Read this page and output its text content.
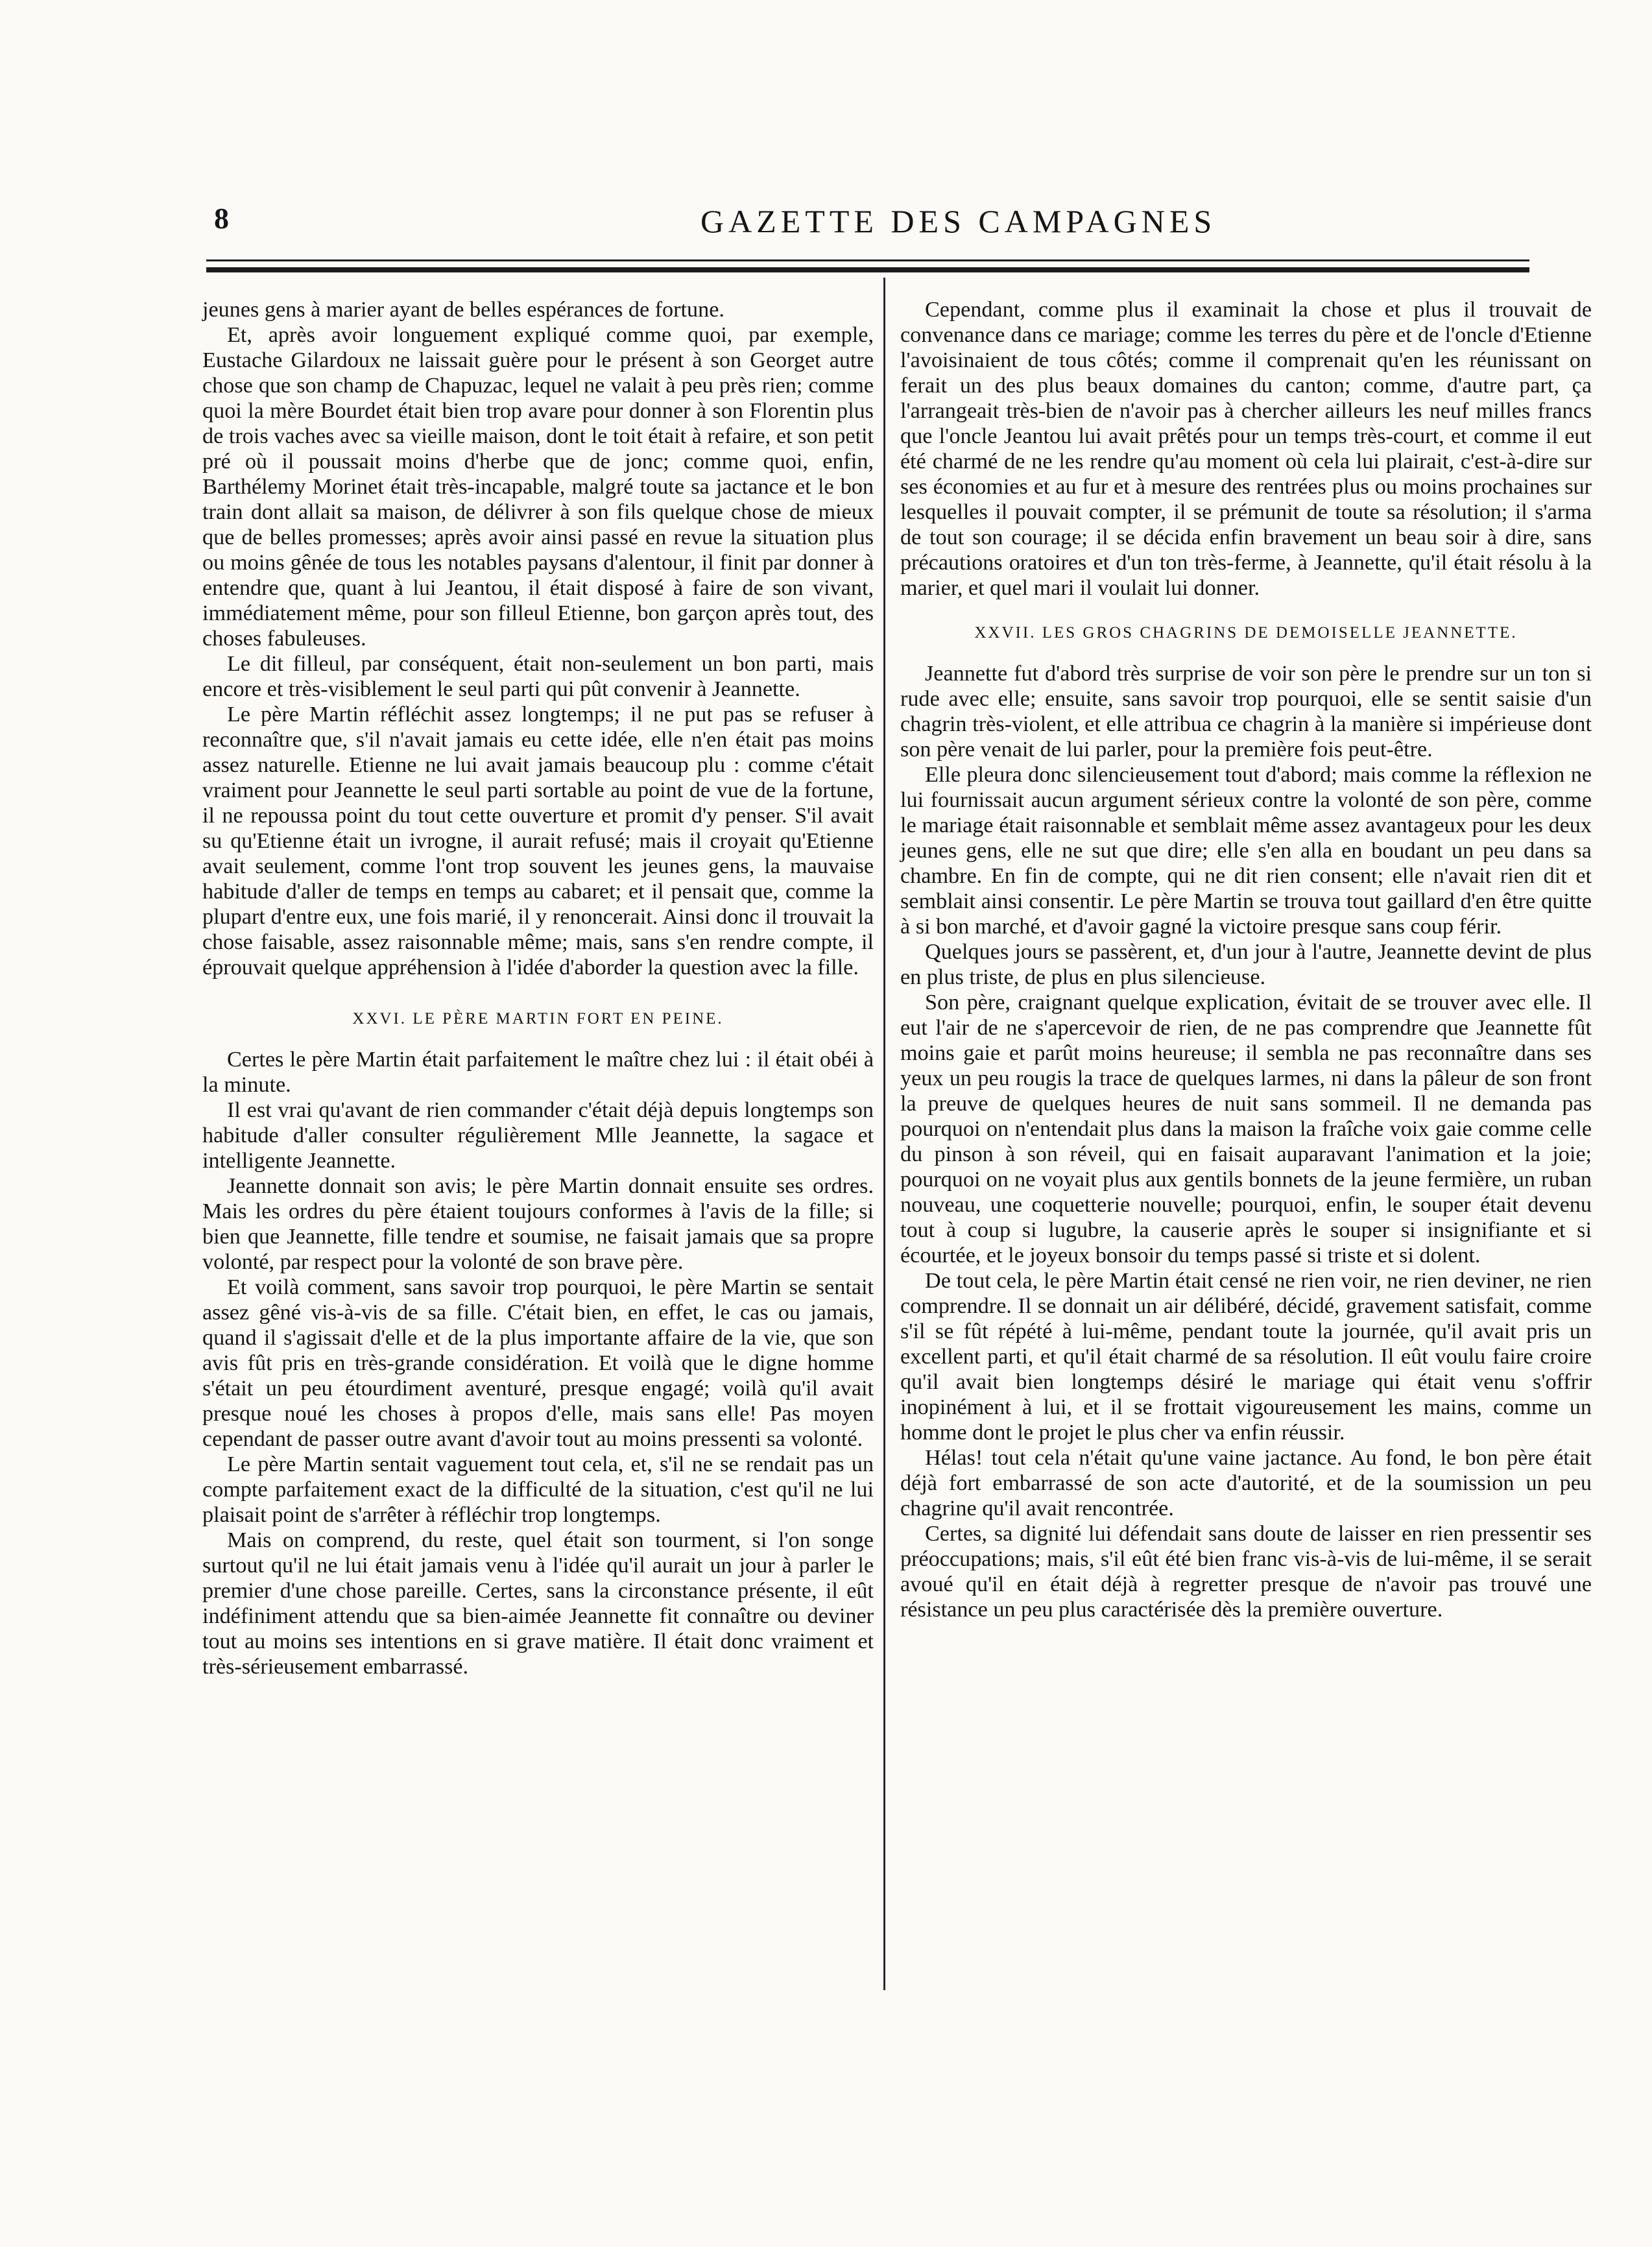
8	GAZETTE DES CAMPAGNES

jeunes gens à marier ayant de belles espérances de fortune.

Et, après avoir longuement expliqué comme quoi, par exemple, Eustache Gilardoux ne laissait guère pour le présent à son Georget autre chose que son champ de Chapuzac, lequel ne valait à peu près rien; comme quoi la mère Bourdet était bien trop avare pour donner à son Florentin plus de trois vaches avec sa vieille maison, dont le toit était à refaire, et son petit pré où il poussait moins d'herbe que de jonc; comme quoi, enfin, Barthélemy Morinet était très-incapable, malgré toute sa jactance et le bon train dont allait sa maison, de délivrer à son fils quelque chose de mieux que de belles promesses; après avoir ainsi passé en revue la situation plus ou moins gênée de tous les notables paysans d'alentour, il finit par donner à entendre que, quant à lui Jeantou, il était disposé à faire de son vivant, immédiatement même, pour son filleul Etienne, bon garçon après tout, des choses fabuleuses.

Le dit filleul, par conséquent, était non-seulement un bon parti, mais encore et très-visiblement le seul parti qui pût convenir à Jeannette.

Le père Martin réfléchit assez longtemps; il ne put pas se refuser à reconnaître que, s'il n'avait jamais eu cette idée, elle n'en était pas moins assez naturelle. Etienne ne lui avait jamais beaucoup plu : comme c'était vraiment pour Jeannette le seul parti sortable au point de vue de la fortune, il ne repoussa point du tout cette ouverture et promit d'y penser. S'il avait su qu'Etienne était un ivrogne, il aurait refusé; mais il croyait qu'Etienne avait seulement, comme l'ont trop souvent les jeunes gens, la mauvaise habitude d'aller de temps en temps au cabaret; et il pensait que, comme la plupart d'entre eux, une fois marié, il y renoncerait. Ainsi donc il trouvait la chose faisable, assez raisonnable même; mais, sans s'en rendre compte, il éprouvait quelque appréhension à l'idée d'aborder la question avec la fille.

XXVI. LE PÈRE MARTIN FORT EN PEINE.

Certes le père Martin était parfaitement le maître chez lui : il était obéi à la minute.

Il est vrai qu'avant de rien commander c'était déjà depuis longtemps son habitude d'aller consulter régulièrement Mlle Jeannette, la sagace et intelligente Jeannette.

Jeannette donnait son avis; le père Martin donnait ensuite ses ordres. Mais les ordres du père étaient toujours conformes à l'avis de la fille; si bien que Jeannette, fille tendre et soumise, ne faisait jamais que sa propre volonté, par respect pour la volonté de son brave père.

Et voilà comment, sans savoir trop pourquoi, le père Martin se sentait assez gêné vis-à-vis de sa fille. C'était bien, en effet, le cas ou jamais, quand il s'agissait d'elle et de la plus importante affaire de la vie, que son avis fût pris en très-grande considération. Et voilà que le digne homme s'était un peu étourdiment aventuré, presque engagé; voilà qu'il avait presque noué les choses à propos d'elle, mais sans elle! Pas moyen cependant de passer outre avant d'avoir tout au moins pressenti sa volonté.

Le père Martin sentait vaguement tout cela, et, s'il ne se rendait pas un compte parfaitement exact de la difficulté de la situation, c'est qu'il ne lui plaisait point de s'arrêter à réfléchir trop longtemps.

Mais on comprend, du reste, quel était son tourment, si l'on songe surtout qu'il ne lui était jamais venu à l'idée qu'il aurait un jour à parler le premier d'une chose pareille. Certes, sans la circonstance présente, il eût indéfiniment attendu que sa bien-aimée Jeannette fit connaître ou deviner tout au moins ses intentions en si grave matière. Il était donc vraiment et très-sérieusement embarrassé.

Cependant, comme plus il examinait la chose et plus il trouvait de convenance dans ce mariage; comme les terres du père et de l'oncle d'Etienne l'avoisinaient de tous côtés; comme il comprenait qu'en les réunissant on ferait un des plus beaux domaines du canton; comme, d'autre part, ça l'arrangeait très-bien de n'avoir pas à chercher ailleurs les neuf milles francs que l'oncle Jeantou lui avait prêtés pour un temps très-court, et comme il eut été charmé de ne les rendre qu'au moment où cela lui plairait, c'est-à-dire sur ses économies et au fur et à mesure des rentrées plus ou moins prochaines sur lesquelles il pouvait compter, il se prémunit de toute sa résolution; il s'arma de tout son courage; il se décida enfin bravement un beau soir à dire, sans précautions oratoires et d'un ton très-ferme, à Jeannette, qu'il était résolu à la marier, et quel mari il voulait lui donner.

XXVII. LES GROS CHAGRINS DE DEMOISELLE JEANNETTE.

Jeannette fut d'abord très surprise de voir son père le prendre sur un ton si rude avec elle; ensuite, sans savoir trop pourquoi, elle se sentit saisie d'un chagrin très-violent, et elle attribua ce chagrin à la manière si impérieuse dont son père venait de lui parler, pour la première fois peut-être.

Elle pleura donc silencieusement tout d'abord; mais comme la réflexion ne lui fournissait aucun argument sérieux contre la volonté de son père, comme le mariage était raisonnable et semblait même assez avantageux pour les deux jeunes gens, elle ne sut que dire; elle s'en alla en boudant un peu dans sa chambre. En fin de compte, qui ne dit rien consent; elle n'avait rien dit et semblait ainsi consentir. Le père Martin se trouva tout gaillard d'en être quitte à si bon marché, et d'avoir gagné la victoire presque sans coup férir.

Quelques jours se passèrent, et, d'un jour à l'autre, Jeannette devint de plus en plus triste, de plus en plus silencieuse.

Son père, craignant quelque explication, évitait de se trouver avec elle. Il eut l'air de ne s'apercevoir de rien, de ne pas comprendre que Jeannette fût moins gaie et parût moins heureuse; il sembla ne pas reconnaître dans ses yeux un peu rougis la trace de quelques larmes, ni dans la pâleur de son front la preuve de quelques heures de nuit sans sommeil. Il ne demanda pas pourquoi on n'entendait plus dans la maison la fraîche voix gaie comme celle du pinson à son réveil, qui en faisait auparavant l'animation et la joie; pourquoi on ne voyait plus aux gentils bonnets de la jeune fermière, un ruban nouveau, une coquetterie nouvelle; pourquoi, enfin, le souper était devenu tout à coup si lugubre, la causerie après le souper si insignifiante et si écourtée, et le joyeux bonsoir du temps passé si triste et si dolent.

De tout cela, le père Martin était censé ne rien voir, ne rien deviner, ne rien comprendre. Il se donnait un air délibéré, décidé, gravement satisfait, comme s'il se fût répété à lui-même, pendant toute la journée, qu'il avait pris un excellent parti, et qu'il était charmé de sa résolution. Il eût voulu faire croire qu'il avait bien longtemps désiré le mariage qui était venu s'offrir inopinément à lui, et il se frottait vigoureusement les mains, comme un homme dont le projet le plus cher va enfin réussir.

Hélas! tout cela n'était qu'une vaine jactance. Au fond, le bon père était déjà fort embarrassé de son acte d'autorité, et de la soumission un peu chagrine qu'il avait rencontrée.

Certes, sa dignité lui défendait sans doute de laisser en rien pressentir ses préoccupations; mais, s'il eût été bien franc vis-à-vis de lui-même, il se serait avoué qu'il en était déjà à regretter presque de n'avoir pas trouvé une résistance un peu plus caractérisée dès la première ouverture.
